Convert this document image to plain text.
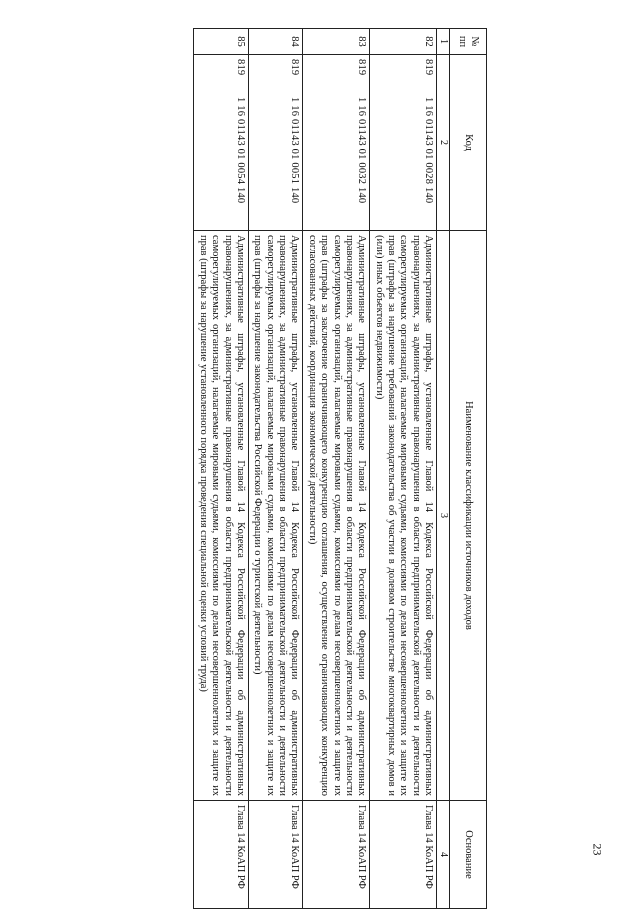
23
№ пп	Код	Наименование классификации источников доходов	Основание
1	2	3	4
82	8191 16 01143 01 0028 140	Административные штрафы, установленные Главой 14 Кодекса Российской Федерации об административных правонарушениях, за административные правонарушения в области предпринимательской деятельности и деятельности саморегулируемых организаций, налагаемые мировыми судьями, комиссиями по делам несовершеннолетних и защите их прав (штрафы за нарушение требований законодательства об участии в долевом строительстве многоквартирных домов и (или) иных объектов недвижимости)	Глава 14 КоАП РФ
83	8191 16 01143 01 0032 140	Административные штрафы, установленные Главой 14 Кодекса Российской Федерации об административных правонарушениях, за административные правонарушения в области предпринимательской деятельности и деятельности саморегулируемых организаций, налагаемые мировыми судьями, комиссиями по делам несовершеннолетних и защите их прав (штрафы за заключение ограничивающего конкуренцию соглашения, осуществление ограничивающих конкуренцию согласованных действий, координация экономической деятельности)	Глава 14 КоАП РФ
84	8191 16 01143 01 0051 140	Административные штрафы, установленные Главой 14 Кодекса Российской Федерации об административных правонарушениях, за административные правонарушения в области предпринимательской деятельности и деятельности саморегулируемых организаций, налагаемые мировыми судьями, комиссиями по делам несовершеннолетних и защите их прав (штрафы за нарушение законодательства Российской Федерации о туристской деятельности)	Глава 14 КоАП РФ
85	8191 16 01143 01 0054 140	Административные штрафы, установленные Главой 14 Кодекса Российской Федерации об административных правонарушениях, за административные правонарушения в области предпринимательской деятельности и деятельности саморегулируемых организаций, налагаемые мировыми судьями, комиссиями по делам несовершеннолетних и защите их прав (штрафы за нарушение установленного порядка проведения специальной оценки условий труда)	Глава 14 КоАП РФ
